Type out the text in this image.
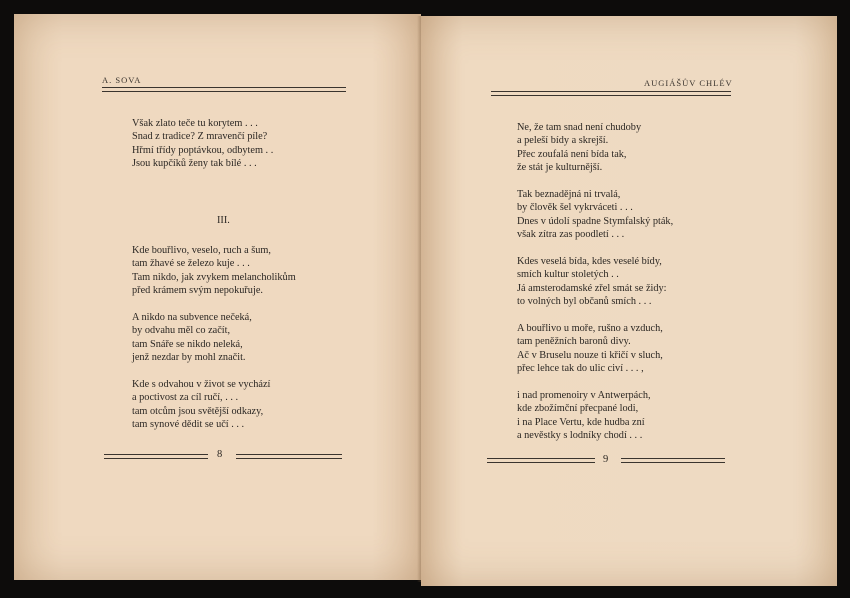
A. SOVA
Však zlato teče tu korytem . . .
Snad z tradice? Z mravenčí píle?
Hřmí třídy poptávkou, odbytem . .
Jsou kupčíků ženy tak bílé . . .
III.
Kde bouřlivo, veselo, ruch a šum,
tam žhavé se železo kuje . . .
Tam nikdo, jak zvykem melancholikům
před krámem svým nepokuřuje.
A nikdo na subvence nečeká,
by odvahu měl co začít,
tam Snáře se nikdo neleká,
jenž nezdar by mohl značit.
Kde s odvahou v život se vychází
a poctivost za cíl ručí, . . .
tam otcům jsou světější odkazy,
tam synové dědit se učí . . .
8
AUGIÁŠŮV CHLÉV
Ne, že tam snad není chudoby
a peleší bídy a skrejší.
Přec zoufalá není bída tak,
že stát je kulturnější.
Tak beznadějná ni trvalá,
by člověk šel vykrváceti . . .
Dnes v údolí spadne Stymfalský pták,
však zítra zas poodletí . . .
Kdes veselá bída, kdes veselé bídy,
smích kultur stoletých . .
Já amsterodamské zřel smát se židy:
to volných byl občanů smích . . .
A bouřlivo u moře, rušno a vzduch,
tam peněžních baronů divy.
Ač v Bruselu nouze ti křičí v sluch,
přec lehce tak do ulic civí . . . ,
i nad promenoiry v Antwerpách,
kde zbožímční přecpané lodi,
i na Place Vertu, kde hudba zní
a nevěstky s lodníky chodí . . .
9
